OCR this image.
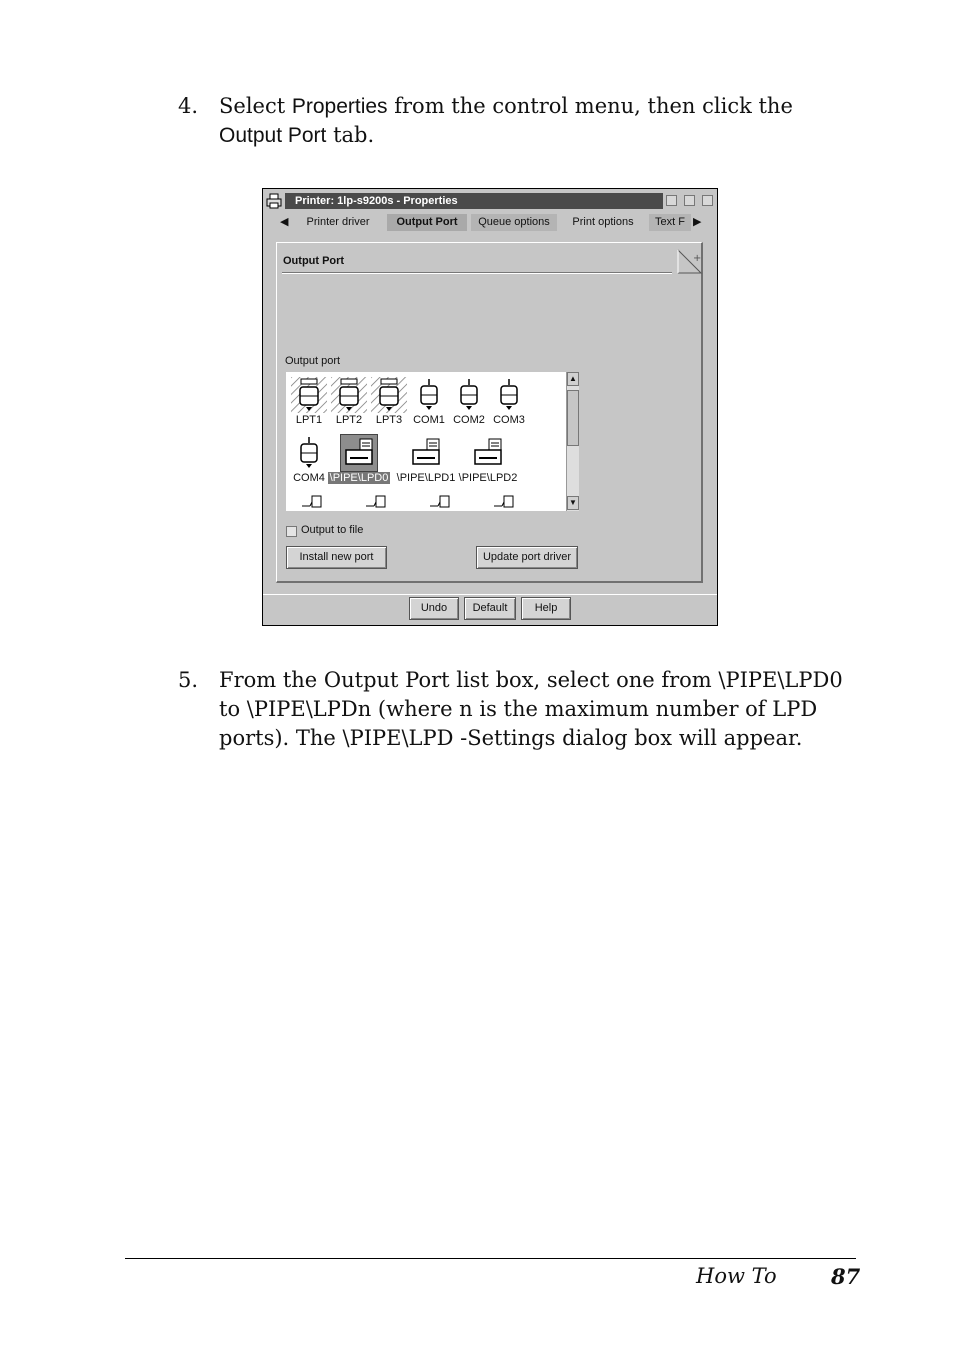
4. Select Properties from the control menu, then click the
Output Port tab.
Printer: 1lp-s9200s - Properties
◀	Printer driver	Output Port	Queue options	Print options	Text F ▶
Output Port	+
Output port
LPT1	LPT2	LPT3 COM1 COM2 COM3
COM4 \PIPE\LPD0 \PIPE\LPD1 \PIPE\LPD2
▲
▼
Output to file
Install new port	Update port driver
Undo	Default	Help
5. From the Output Port list box, select one from \PIPE\LPD0
to \PIPE\LPDn (where n is the maximum number of LPD
ports). The \PIPE\LPD -Settings dialog box will appear.
How To	87
